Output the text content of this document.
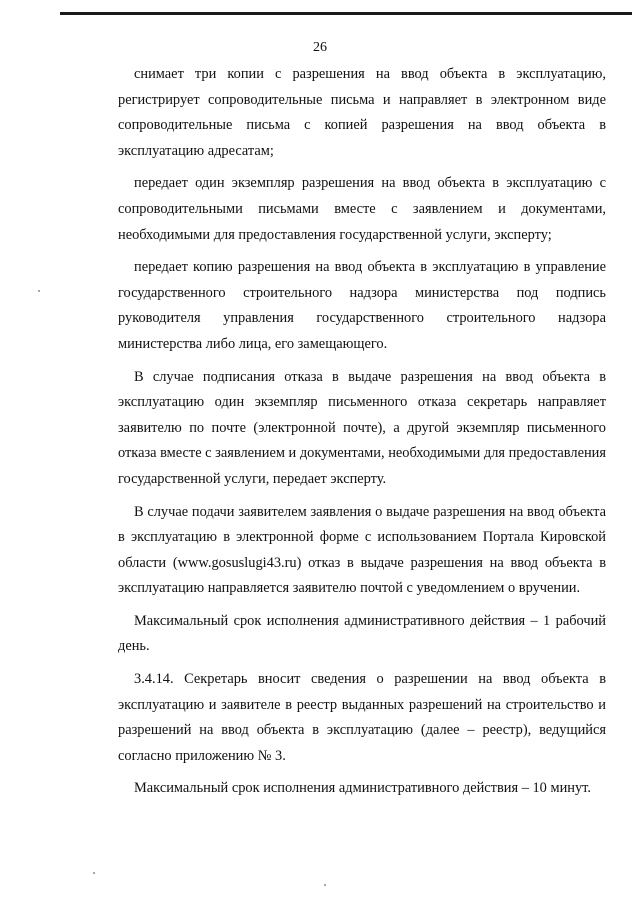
26

снимает три копии с разрешения на ввод объекта в эксплуатацию, регистрирует сопроводительные письма и направляет в электронном виде сопроводительные письма с копией разрешения на ввод объекта в эксплуатацию адресатам;

передает один экземпляр разрешения на ввод объекта в эксплуатацию с сопроводительными письмами вместе с заявлением и документами, необходимыми для предоставления государственной услуги, эксперту;

передает копию разрешения на ввод объекта в эксплуатацию в управление государственного строительного надзора министерства под подпись руководителя управления государственного строительного надзора министерства либо лица, его замещающего.

В случае подписания отказа в выдаче разрешения на ввод объекта в эксплуатацию один экземпляр письменного отказа секретарь направляет заявителю по почте (электронной почте), а другой экземпляр письменного отказа вместе с заявлением и документами, необходимыми для предоставления государственной услуги, передает эксперту.

В случае подачи заявителем заявления о выдаче разрешения на ввод объекта в эксплуатацию в электронной форме с использованием Портала Кировской области (www.gosuslugi43.ru) отказ в выдаче разрешения на ввод объекта в эксплуатацию направляется заявителю почтой с уведомлением о вручении.

Максимальный срок исполнения административного действия – 1 рабочий день.

3.4.14. Секретарь вносит сведения о разрешении на ввод объекта в эксплуатацию и заявителе в реестр выданных разрешений на строительство и разрешений на ввод объекта в эксплуатацию (далее – реестр), ведущийся согласно приложению № 3.

Максимальный срок исполнения административного действия – 10 минут.
